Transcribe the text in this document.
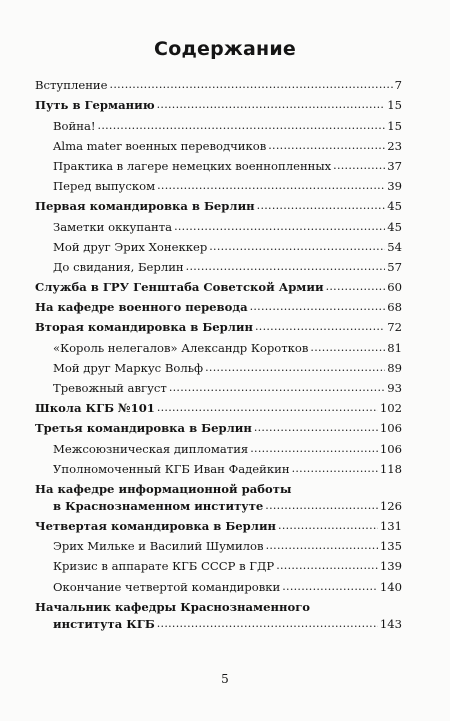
Содержание
Вступление . . .	7
Путь в Германию . . .	15
Война! . . .	15
Alma mater военных переводчиков . . .	23
Практика в лагере немецких военнопленных . . .	37
Перед выпуском . . .	39
Первая командировка в Берлин . . .	45
Заметки оккупанта . . .	45
Мой друг Эрих Хонеккер . . .	54
До свидания, Берлин . . .	57
Служба в ГРУ Генштаба Советской Армии . . .	60
На кафедре военного перевода . . .	68
Вторая командировка в Берлин . . .	72
«Король нелегалов» Александр Коротков . . .	81
Мой друг Маркус Вольф . . .	89
Тревожный август . . .	93
Школа КГБ №101 . . .	102
Третья командировка в Берлин . . .	106
Межсоюзническая дипломатия . . .	106
Уполномоченный КГБ Иван Фадейкин . . .	118
На кафедре информационной работы
в Краснознаменном институте . . .	126
Четвертая командировка в Берлин . . .	131
Эрих Мильке и Василий Шумилов . . .	135
Кризис в аппарате КГБ СССР в ГДР . . .	139
Окончание четвертой командировки . . .	140
Начальник кафедры Краснознаменного
института КГБ . . .	143
5
